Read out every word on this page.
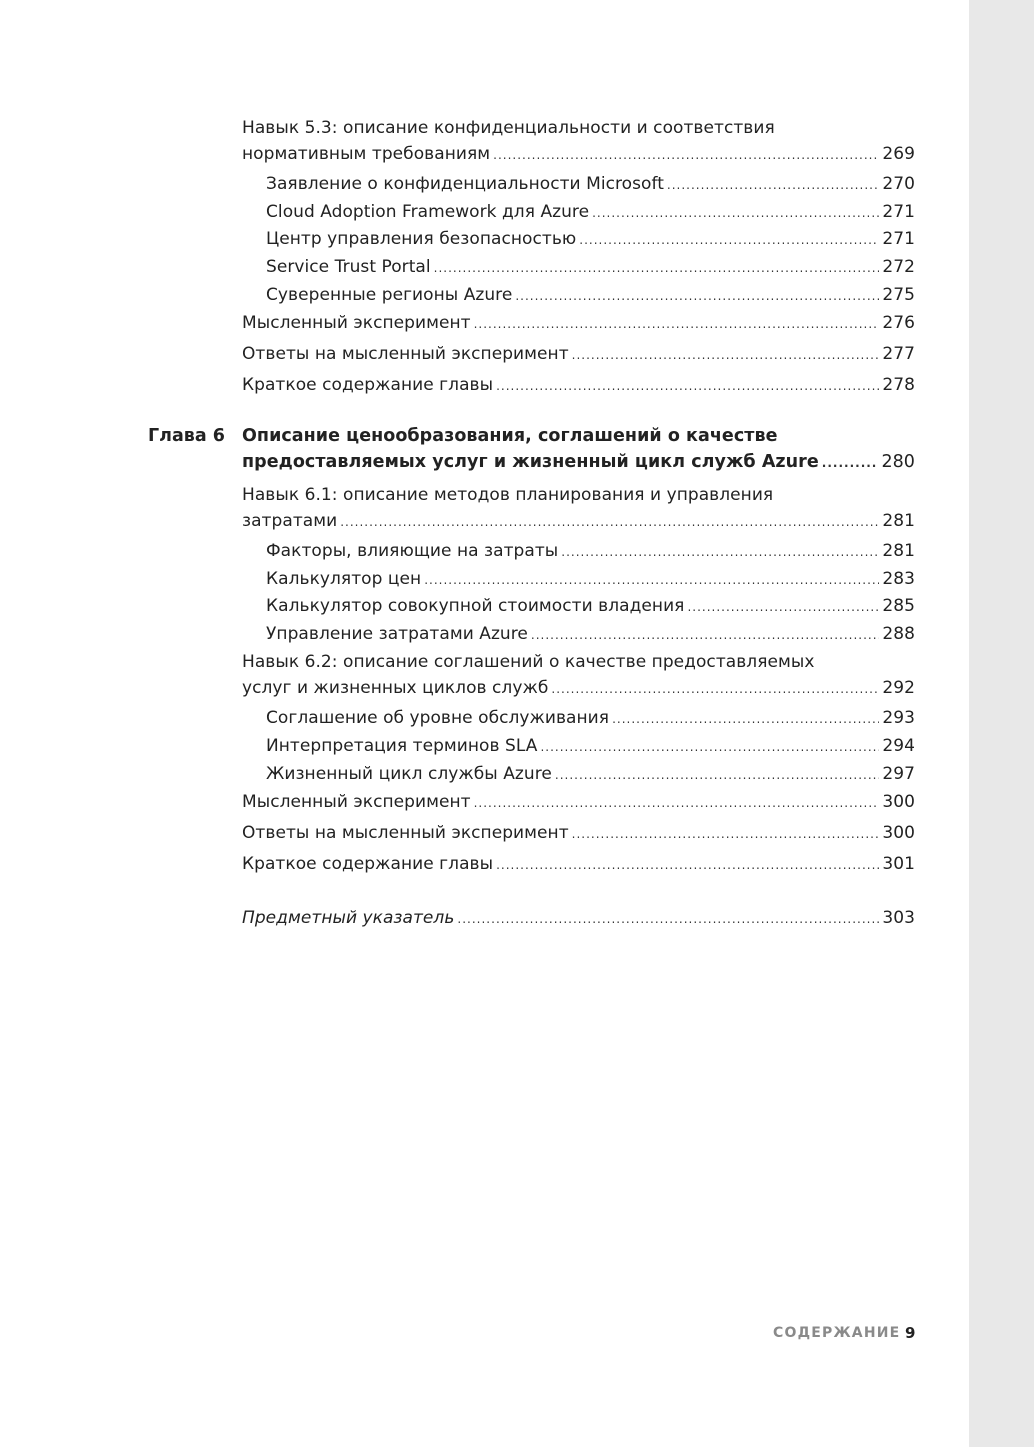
Навык 5.3: описание конфиденциальности и соответствия
нормативным требованиям .....	269
Заявление о конфиденциальности Microsoft .....	270
Cloud Adoption Framework для Azure .....	271
Центр управления безопасностью .....	271
Service Trust Portal .....	272
Суверенные регионы Azure .....	275
Мысленный эксперимент .....	276
Ответы на мысленный эксперимент .....	277
Краткое содержание главы .....	278
Глава 6 Описание ценообразования, соглашений о качестве
предоставляемых услуг и жизненный цикл служб Azure .....	280
Навык 6.1: описание методов планирования и управления
затратами .....	281
Факторы, влияющие на затраты .....	281
Калькулятор цен .....	283
Калькулятор совокупной стоимости владения .....	285
Управление затратами Azure .....	288
Навык 6.2: описание соглашений о качестве предоставляемых
услуг и жизненных циклов служб .....	292
Соглашение об уровне обслуживания .....	293
Интерпретация терминов SLA .....	294
Жизненный цикл службы Azure .....	297
Мысленный эксперимент .....	300
Ответы на мысленный эксперимент .....	300
Краткое содержание главы .....	301
Предметный указатель .....	303
СОДЕРЖАНИЕ 9
